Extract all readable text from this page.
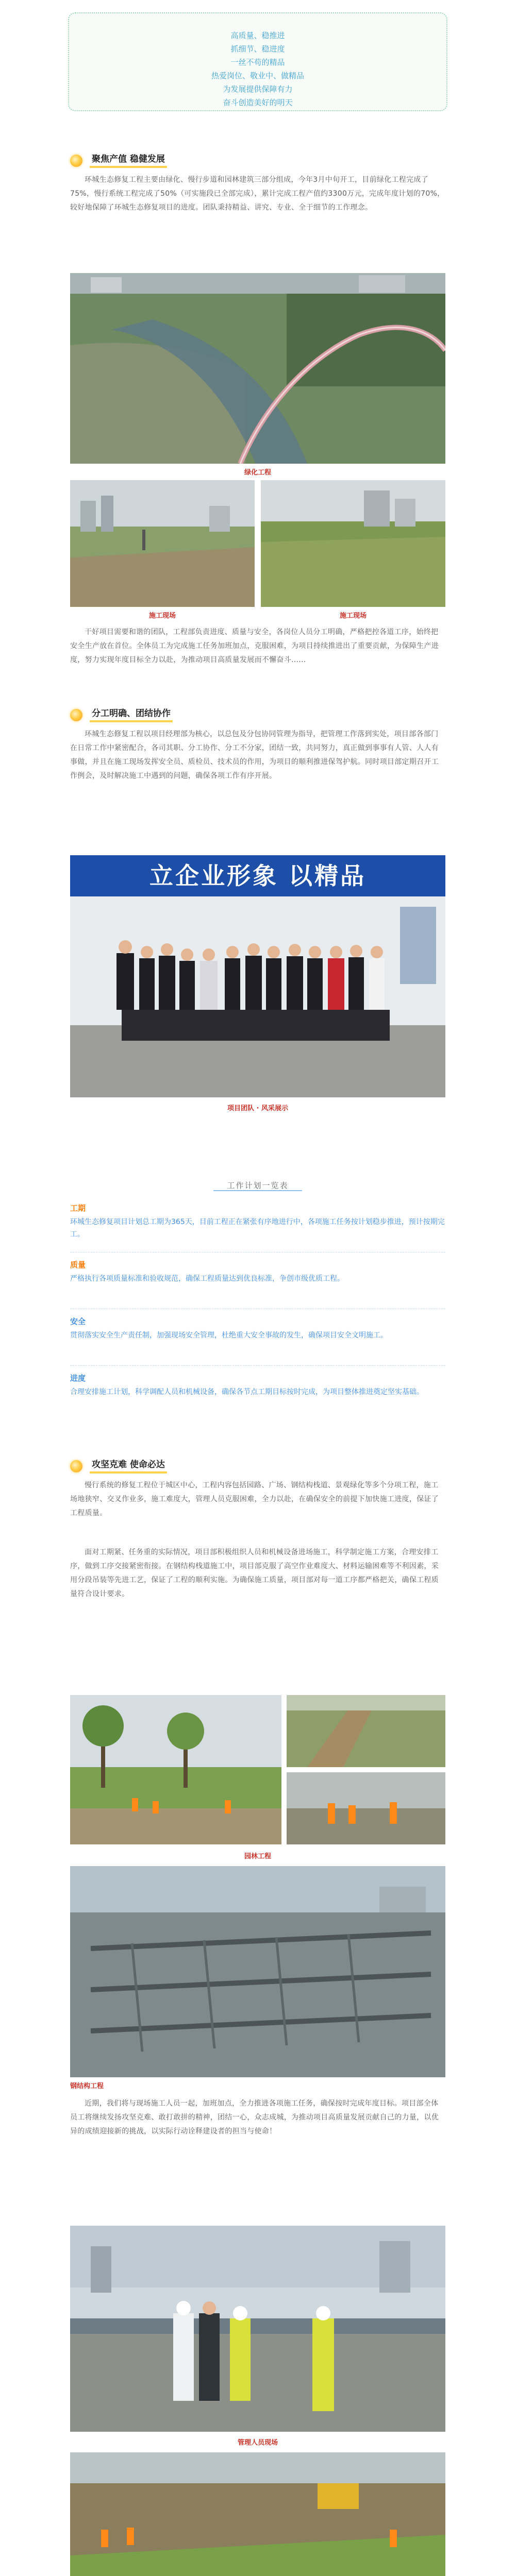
高质量、稳推进
抓细节、稳进度
一丝不苟的精品
热爱岗位、敬业中、做精品
为发展提供保障有力
奋斗创造美好的明天
聚焦产值 稳健发展
环城生态修复工程主要由绿化、慢行步道和园林建筑三部分组成，今年3月中旬开工，目前绿化工程完成了75%，慢行系统工程完成了50%（可实施段已全部完成），累计完成工程产值约3300万元，完成年度计划的70%，较好地保障了环城生态修复项目的进度。团队秉持精益、讲究、专业、全于细节的工作理念。
绿化工程
施工现场	施工现场
干好项目需要和谐的团队，工程部负责进度、质量与安全，各岗位人员分工明确，严格把控各道工序，始终把安全生产放在首位。全体员工为完成施工任务加班加点，克服困难，为项目持续推进出了重要贡献，为保障生产进度，努力实现年度目标全力以赴，为推动项目高质量发展而不懈奋斗……
分工明确、团结协作
环城生态修复工程以项目经理部为核心，以总包及分包协同管理为指导，把管理工作落到实处，项目部各部门在日常工作中紧密配合，各司其职、分工协作、分工不分家，团结一致，共同努力，真正做到事事有人管、人人有事做，并且在施工现场发挥安全员、质检员、技术员的作用，为项目的顺利推进保驾护航。同时项目部定期召开工作例会，及时解决施工中遇到的问题，确保各项工作有序开展。
立企业形象 以精品
项目团队 · 风采展示
工作计划一览表
工期
环城生态修复项目计划总工期为365天，目前工程正在紧张有序地进行中，各项施工任务按计划稳步推进，预计按期完工。
质量
严格执行各项质量标准和验收规范，确保工程质量达到优良标准，争创市级优质工程。
安全
贯彻落实安全生产责任制，加强现场安全管理，杜绝重大安全事故的发生，确保项目安全文明施工。
进度
合理安排施工计划，科学调配人员和机械设备，确保各节点工期目标按时完成，为项目整体推进奠定坚实基础。
攻坚克难 使命必达
慢行系统的修复工程位于城区中心，工程内容包括园路、广场、钢结构栈道、景观绿化等多个分项工程，施工场地狭窄、交叉作业多，施工难度大，管理人员克服困难，全力以赴，在确保安全的前提下加快施工进度，保证了工程质量。
面对工期紧、任务重的实际情况，项目部积极组织人员和机械设备进场施工，科学制定施工方案，合理安排工序，做到工序交接紧密衔接。在钢结构栈道施工中，项目部克服了高空作业难度大、材料运输困难等不利因素，采用分段吊装等先进工艺，保证了工程的顺利实施。为确保施工质量，项目部对每一道工序都严格把关，确保工程质量符合设计要求。
园林工程
钢结构工程
近期，我们将与现场施工人员一起，加班加点，全力推进各项施工任务，确保按时完成年度目标。项目部全体员工将继续发扬攻坚克难、敢打敢拼的精神，团结一心，众志成城，为推动项目高质量发展贡献自己的力量，以优异的成绩迎接新的挑战，以实际行动诠释建设者的担当与使命！
管理人员现场
